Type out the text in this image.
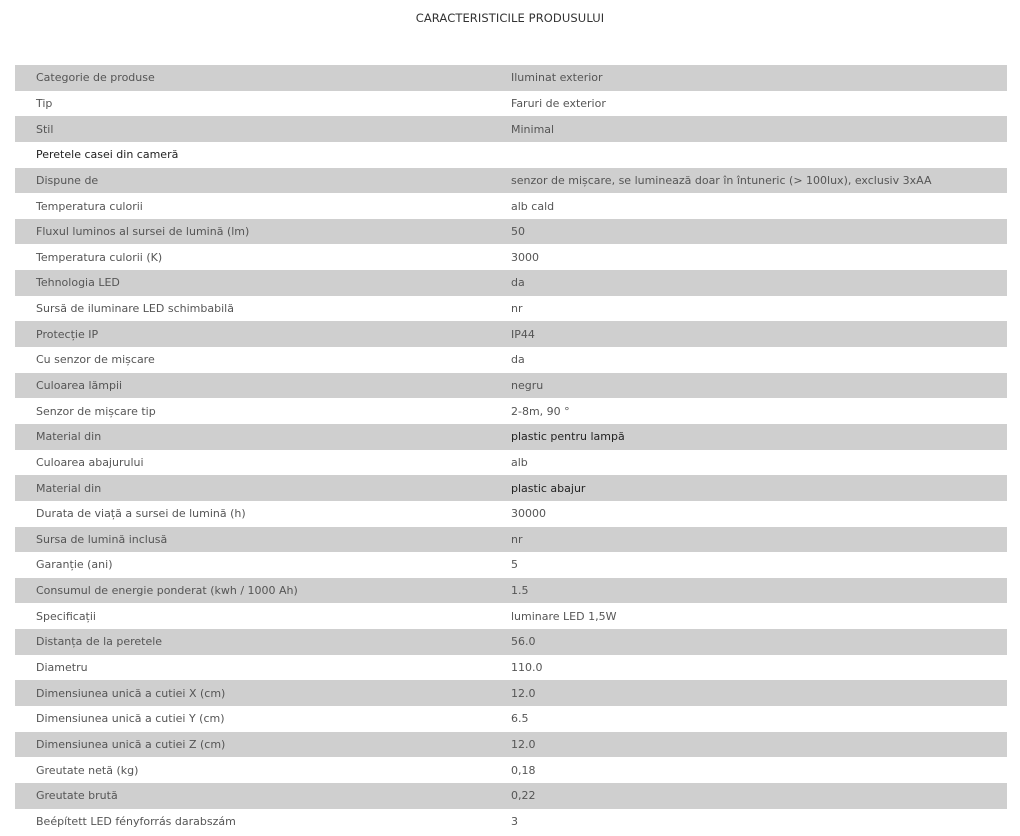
CARACTERISTICILE PRODUSULUI
Categorie de produse	Iluminat exterior
Tip	Faruri de exterior
Stil	Minimal
Peretele casei din cameră
Dispune de	senzor de mișcare, se luminează doar în întuneric (> 100lux), exclusiv 3xAA
Temperatura culorii	alb cald
Fluxul luminos al sursei de lumină (lm)	50
Temperatura culorii (K)	3000
Tehnologia LED	da
Sursă de iluminare LED schimbabilă	nr
Protecție IP	IP44
Cu senzor de mișcare	da
Culoarea lămpii	negru
Senzor de mișcare tip	2-8m, 90 °
Material din	plastic pentru lampă
Culoarea abajurului	alb
Material din	plastic abajur
Durata de viață a sursei de lumină (h)	30000
Sursa de lumină inclusă	nr
Garanție (ani)	5
Consumul de energie ponderat (kwh / 1000 Ah)	1.5
Specificații	luminare LED 1,5W
Distanța de la peretele	56.0
Diametru	110.0
Dimensiunea unică a cutiei X (cm)	12.0
Dimensiunea unică a cutiei Y (cm)	6.5
Dimensiunea unică a cutiei Z (cm)	12.0
Greutate netă (kg)	0,18
Greutate brută	0,22
Beépített LED fényforrás darabszám	3
